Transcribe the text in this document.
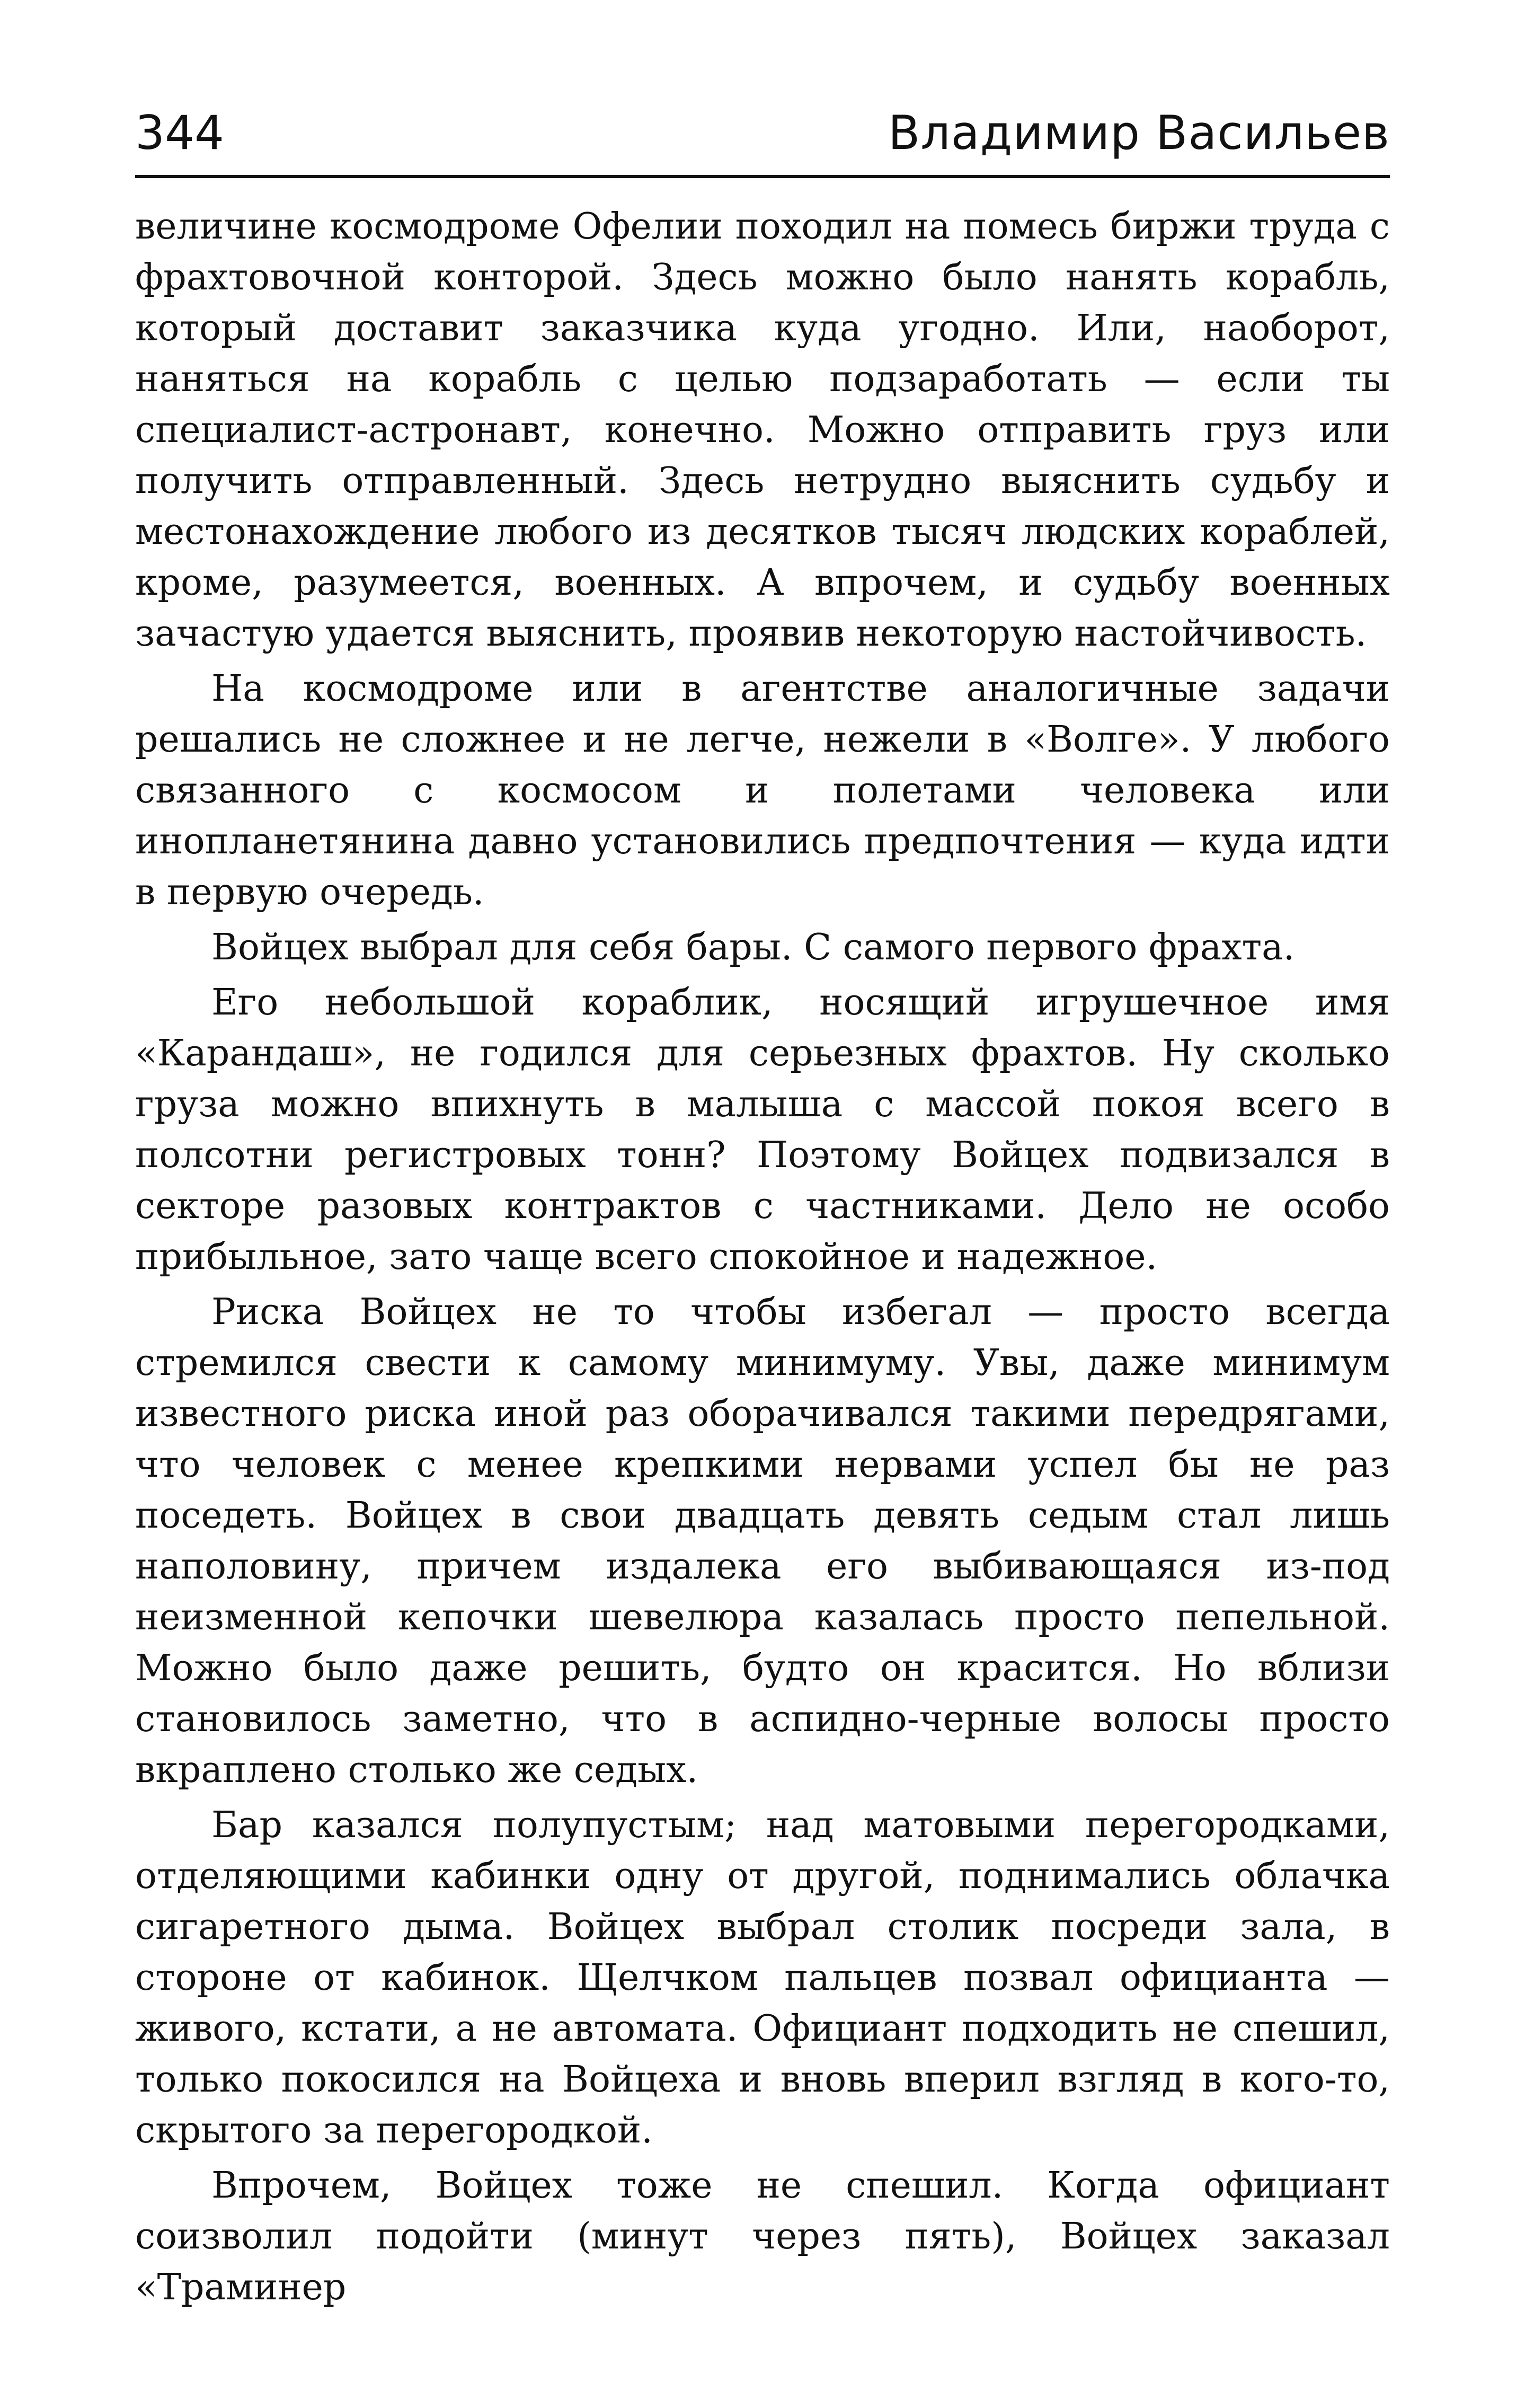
344	Владимир Васильев

величине космодроме Офелии походил на помесь биржи труда с фрахтовочной конторой. Здесь можно было нанять корабль, который доставит заказчика куда угодно. Или, наоборот, наняться на корабль с целью подзаработать — если ты специалист-астронавт, конечно. Можно отправить груз или получить отправленный. Здесь нетрудно выяснить судьбу и местонахождение любого из десятков тысяч людских кораблей, кроме, разумеется, военных. А впрочем, и судьбу военных зачастую удается выяснить, проявив некоторую настойчивость.

На космодроме или в агентстве аналогичные задачи решались не сложнее и не легче, нежели в «Волге». У любого связанного с космосом и полетами человека или инопланетянина давно установились предпочтения — куда идти в первую очередь.

Войцех выбрал для себя бары. С самого первого фрахта.

Его небольшой кораблик, носящий игрушечное имя «Карандаш», не годился для серьезных фрахтов. Ну сколько груза можно впихнуть в малыша с массой покоя всего в полсотни регистровых тонн? Поэтому Войцех подвизался в секторе разовых контрактов с частниками. Дело не особо прибыльное, зато чаще всего спокойное и надежное.

Риска Войцех не то чтобы избегал — просто всегда стремился свести к самому минимуму. Увы, даже минимум известного риска иной раз оборачивался такими передрягами, что человек с менее крепкими нервами успел бы не раз поседеть. Войцех в свои двадцать девять седым стал лишь наполовину, причем издалека его выбивающаяся из-под неизменной кепочки шевелюра казалась просто пепельной. Можно было даже решить, будто он красится. Но вблизи становилось заметно, что в аспидно-черные волосы просто вкраплено столько же седых.

Бар казался полупустым; над матовыми перегородками, отделяющими кабинки одну от другой, поднимались облачка сигаретного дыма. Войцех выбрал столик посреди зала, в стороне от кабинок. Щелчком пальцев позвал официанта — живого, кстати, а не автомата. Официант подходить не спешил, только покосился на Войцеха и вновь вперил взгляд в кого-то, скрытого за перегородкой.

Впрочем, Войцех тоже не спешил. Когда официант соизволил подойти (минут через пять), Войцех заказал «Траминер
